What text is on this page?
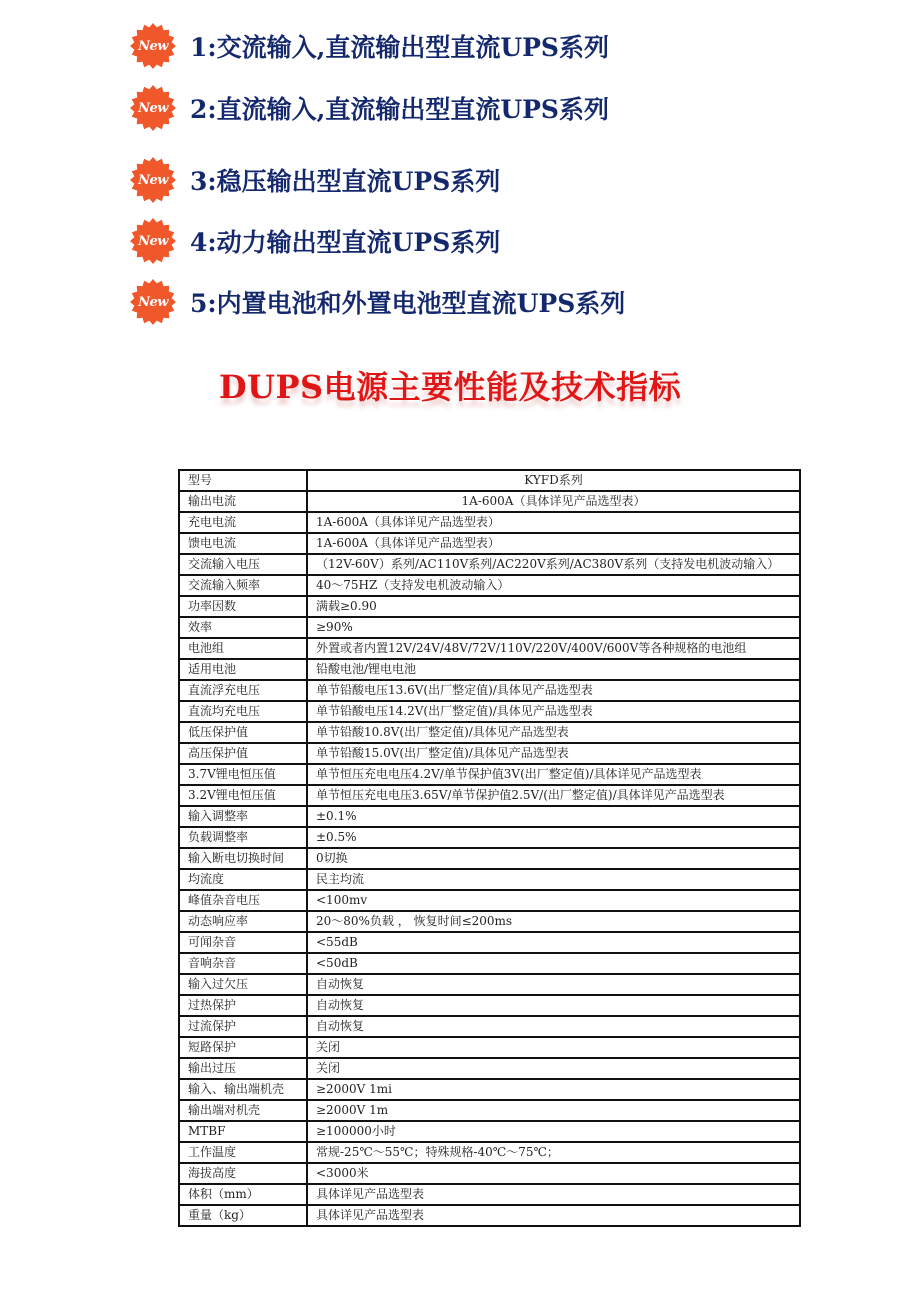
New 1:交流输入,直流输出型直流UPS系列
New 2:直流输入,直流输出型直流UPS系列
New 3:稳压输出型直流UPS系列
New 4:动力输出型直流UPS系列
New 5:内置电池和外置电池型直流UPS系列
DUPS电源主要性能及技术指标
型号	KYFD系列
输出电流	1A-600A（具体详见产品选型表）
充电电流	1A-600A（具体详见产品选型表）
馈电电流	1A-600A（具体详见产品选型表）
交流输入电压	（12V-60V）系列/AC110V系列/AC220V系列/AC380V系列（支持发电机波动输入）
交流输入频率	40～75HZ（支持发电机波动输入）
功率因数	满载≥0.90
效率	≥90%
电池组	外置或者内置12V/24V/48V/72V/110V/220V/400V/600V等各种规格的电池组
适用电池	铅酸电池/锂电电池
直流浮充电压	单节铅酸电压13.6V(出厂整定值)/具体见产品选型表
直流均充电压	单节铅酸电压14.2V(出厂整定值)/具体见产品选型表
低压保护值	单节铅酸10.8V(出厂整定值)/具体见产品选型表
高压保护值	单节铅酸15.0V(出厂整定值)/具体见产品选型表
3.7V锂电恒压值	单节恒压充电电压4.2V/单节保护值3V(出厂整定值)/具体详见产品选型表
3.2V锂电恒压值	单节恒压充电电压3.65V/单节保护值2.5V/(出厂整定值)/具体详见产品选型表
输入调整率	±0.1%
负载调整率	±0.5%
输入断电切换时间	0切换
均流度	民主均流
峰值杂音电压	<100mv
动态响应率	20～80%负载 ， 恢复时间≤200ms
可闻杂音	<55dB
音响杂音	<50dB
输入过欠压	自动恢复
过热保护	自动恢复
过流保护	自动恢复
短路保护	关闭
输出过压	关闭
输入、输出端机壳	≥2000V 1mi
输出端对机壳	≥2000V 1m
MTBF	≥100000小时
工作温度	常规-25℃～55℃；特殊规格-40℃～75℃；
海拔高度	<3000米
体积（mm）	具体详见产品选型表
重量（kg）	具体详见产品选型表
